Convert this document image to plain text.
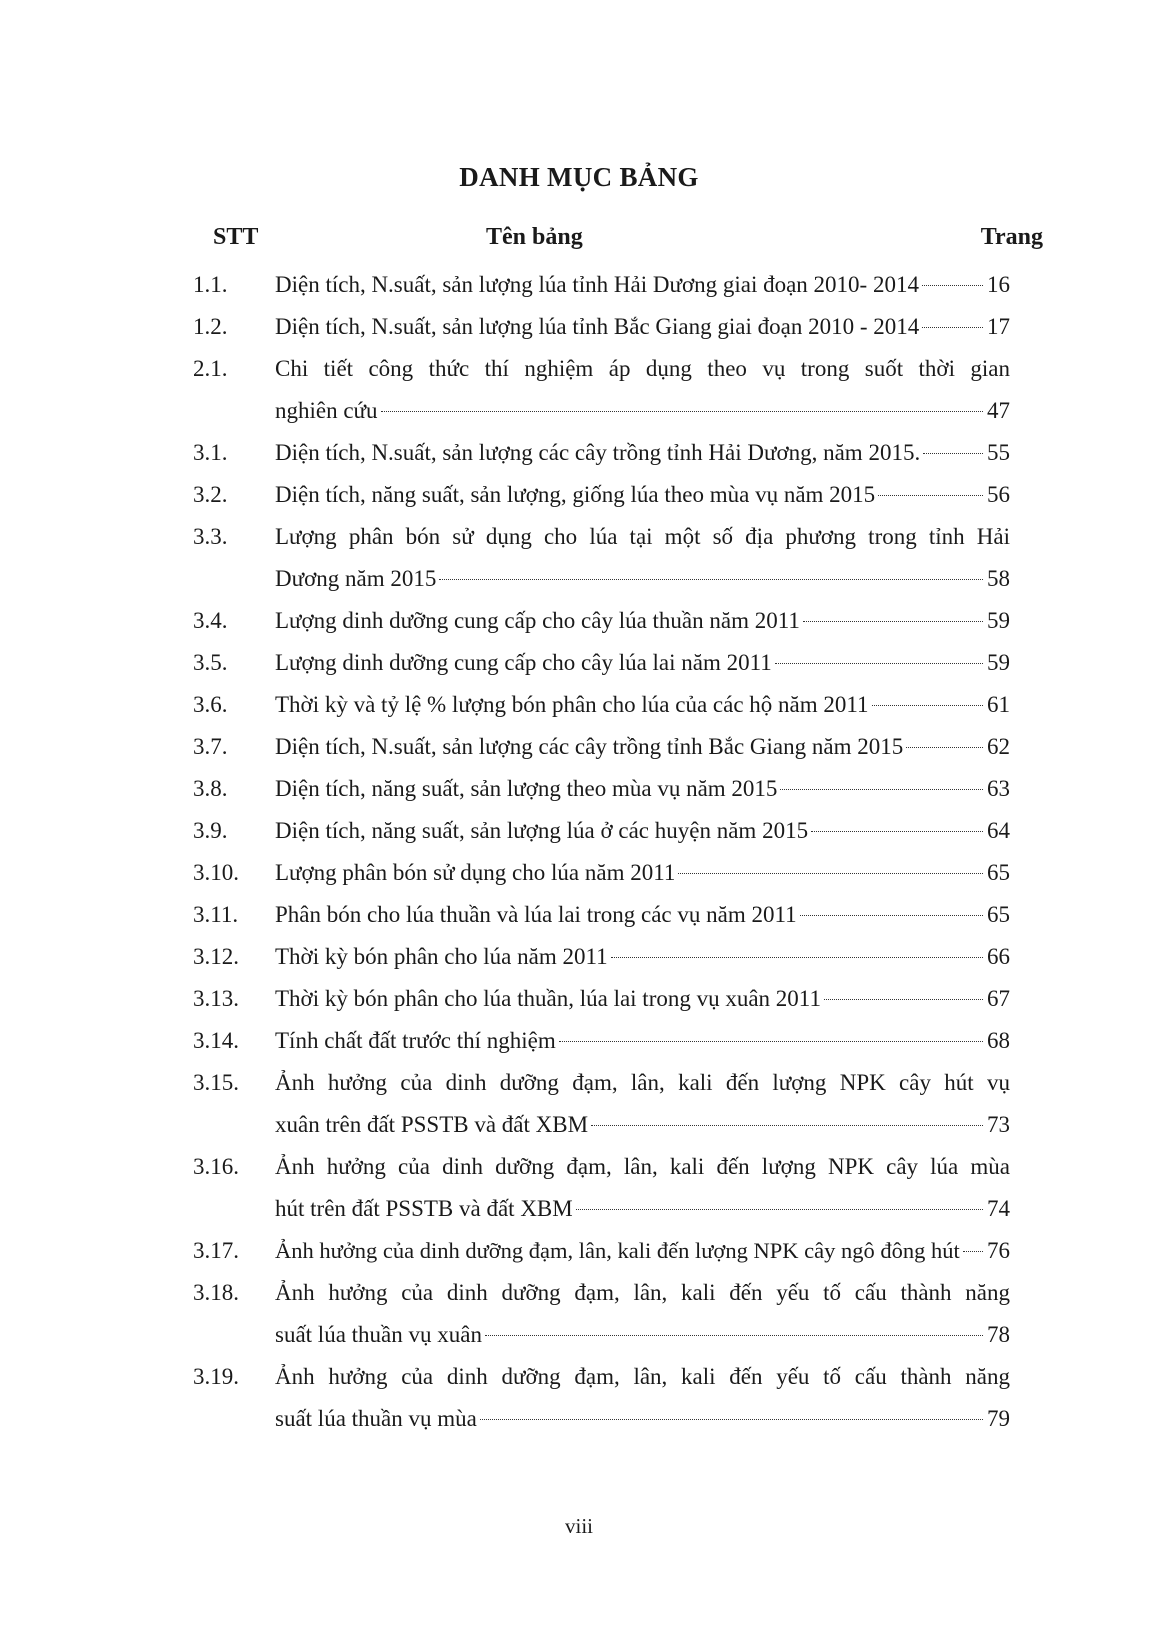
DANH MỤC BẢNG
STT	Tên bảng	Trang
1.1. Diện tích, N.suất, sản lượng lúa tỉnh Hải Dương giai đoạn 2010- 2014	16
1.2. Diện tích, N.suất, sản lượng lúa tỉnh Bắc Giang giai đoạn 2010 - 2014	17
2.1. Chi tiết công thức thí nghiệm áp dụng theo vụ trong suốt thời gian
nghiên cứu	47
3.1. Diện tích, N.suất, sản lượng các cây trồng tỉnh Hải Dương, năm 2015.	55
3.2. Diện tích, năng suất, sản lượng, giống lúa theo mùa vụ năm 2015	56
3.3. Lượng phân bón sử dụng cho lúa tại một số địa phương trong tỉnh Hải
Dương năm 2015	58
3.4. Lượng dinh dưỡng cung cấp cho cây lúa thuần năm 2011	59
3.5. Lượng dinh dưỡng cung cấp cho cây lúa lai năm 2011	59
3.6. Thời kỳ và tỷ lệ % lượng bón phân cho lúa của các hộ năm 2011	61
3.7. Diện tích, N.suất, sản lượng các cây trồng tỉnh Bắc Giang năm 2015	62
3.8. Diện tích, năng suất, sản lượng theo mùa vụ năm 2015	63
3.9. Diện tích, năng suất, sản lượng lúa ở các huyện năm 2015	64
3.10. Lượng phân bón sử dụng cho lúa năm 2011	65
3.11. Phân bón cho lúa thuần và lúa lai trong các vụ năm 2011	65
3.12. Thời kỳ bón phân cho lúa năm 2011	66
3.13. Thời kỳ bón phân cho lúa thuần, lúa lai trong vụ xuân 2011	67
3.14. Tính chất đất trước thí nghiệm	68
3.15. Ảnh hưởng của dinh dưỡng đạm, lân, kali đến lượng NPK cây hút vụ
xuân trên đất PSSTB và đất XBM	73
3.16. Ảnh hưởng của dinh dưỡng đạm, lân, kali đến lượng NPK cây lúa mùa
hút trên đất PSSTB và đất XBM	74
3.17. Ảnh hưởng của dinh dưỡng đạm, lân, kali đến lượng NPK cây ngô đông hút 76
3.18. Ảnh hưởng của dinh dưỡng đạm, lân, kali đến yếu tố cấu thành năng
suất lúa thuần vụ xuân	78
3.19. Ảnh hưởng của dinh dưỡng đạm, lân, kali đến yếu tố cấu thành năng
suất lúa thuần vụ mùa	79
viii
